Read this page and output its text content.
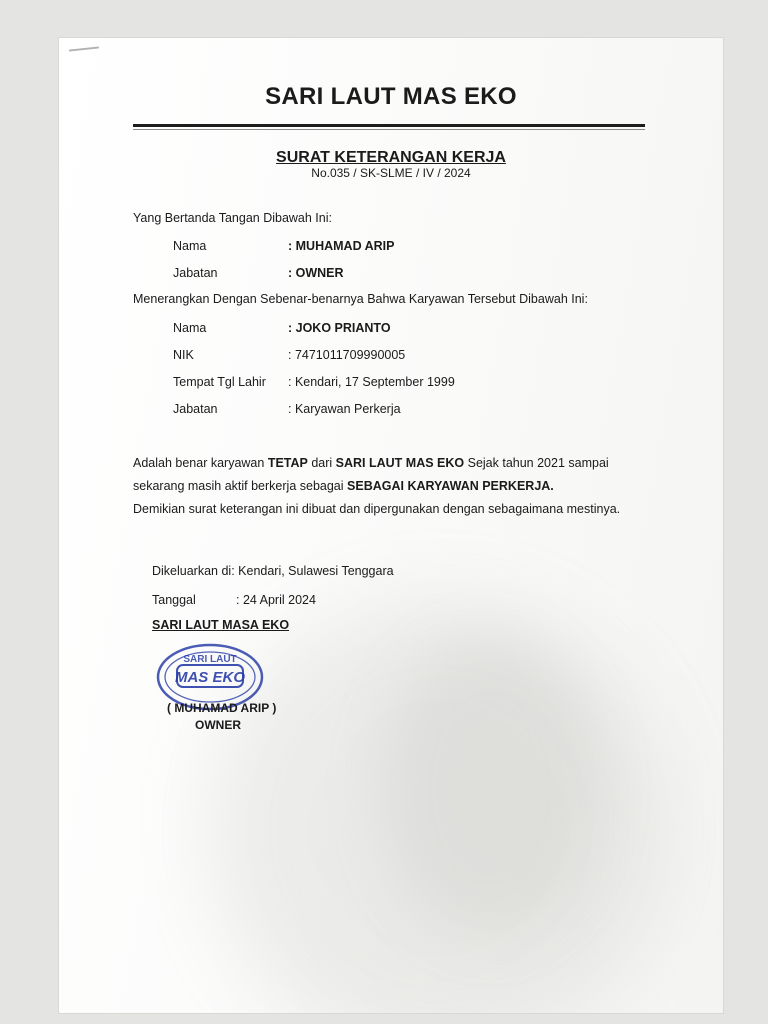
SARI LAUT MAS EKO
SURAT KETERANGAN KERJA
No.035 / SK-SLME / IV / 2024
Yang Bertanda Tangan Dibawah Ini:
Nama	: MUHAMAD ARIP
Jabatan	: OWNER
Menerangkan Dengan Sebenar-benarnya Bahwa Karyawan Tersebut Dibawah Ini:
Nama	: JOKO PRIANTO
NIK	: 7471011709990005
Tempat Tgl Lahir : Kendari, 17 September 1999
Jabatan	: Karyawan Perkerja
Adalah benar karyawan TETAP dari SARI LAUT MAS EKO Sejak tahun 2021 sampai
sekarang masih aktif berkerja sebagai SEBAGAI KARYAWAN PERKERJA.
Demikian surat keterangan ini dibuat dan dipergunakan dengan sebagaimana mestinya.
Dikeluarkan di: Kendari, Sulawesi Tenggara
Tanggal	: 24 April 2024
SARI LAUT MASA EKO
SARI LAUT
MAS EKO
( MUHAMAD ARIP )
OWNER
